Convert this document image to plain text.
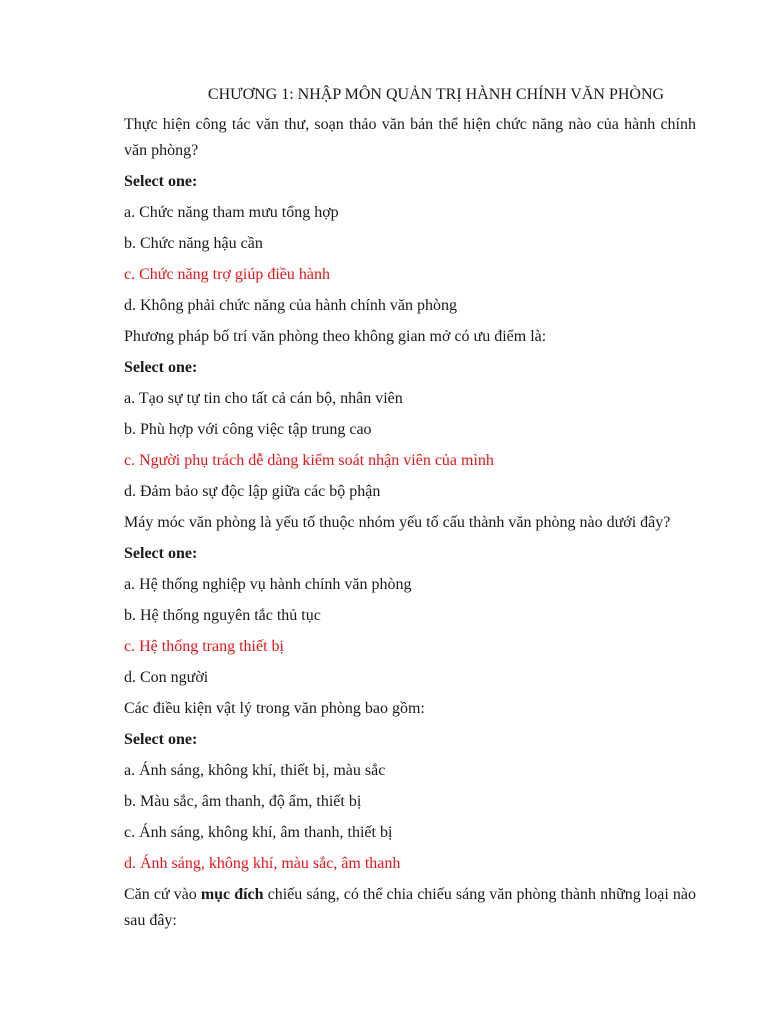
CHƯƠNG 1: NHẬP MÔN QUẢN TRỊ HÀNH CHÍNH VĂN PHÒNG
Thực hiện công tác văn thư, soạn thảo văn bản thể hiện chức năng nào của hành chính văn phòng?
Select one:
a. Chức năng tham mưu tổng hợp
b. Chức năng hậu cần
c. Chức năng trợ giúp điều hành
d. Không phải chức năng của hành chính văn phòng
Phương pháp bố trí văn phòng theo không gian mở có ưu điểm là:
Select one:
a. Tạo sự tự tin cho tất cả cán bộ, nhân viên
b. Phù hợp với công việc tập trung cao
c. Người phụ trách dễ dàng kiểm soát nhận viên của mình
d. Đảm bảo sự độc lập giữa các bộ phận
Máy móc văn phòng là yếu tố thuộc nhóm yếu tố cấu thành văn phòng nào dưới đây?
Select one:
a. Hệ thống nghiệp vụ hành chính văn phòng
b. Hệ thống nguyên tắc thủ tục
c. Hệ thống trang thiết bị
d. Con người
Các điều kiện vật lý trong văn phòng bao gồm:
Select one:
a. Ánh sáng, không khí, thiết bị, màu sắc
b. Màu sắc, âm thanh, độ ẩm, thiết bị
c. Ánh sáng, không khí, âm thanh, thiết bị
d. Ánh sáng, không khí, màu sắc, âm thanh
Căn cứ vào mục đích chiếu sáng, có thể chia chiếu sáng văn phòng thành những loại nào sau đây:
